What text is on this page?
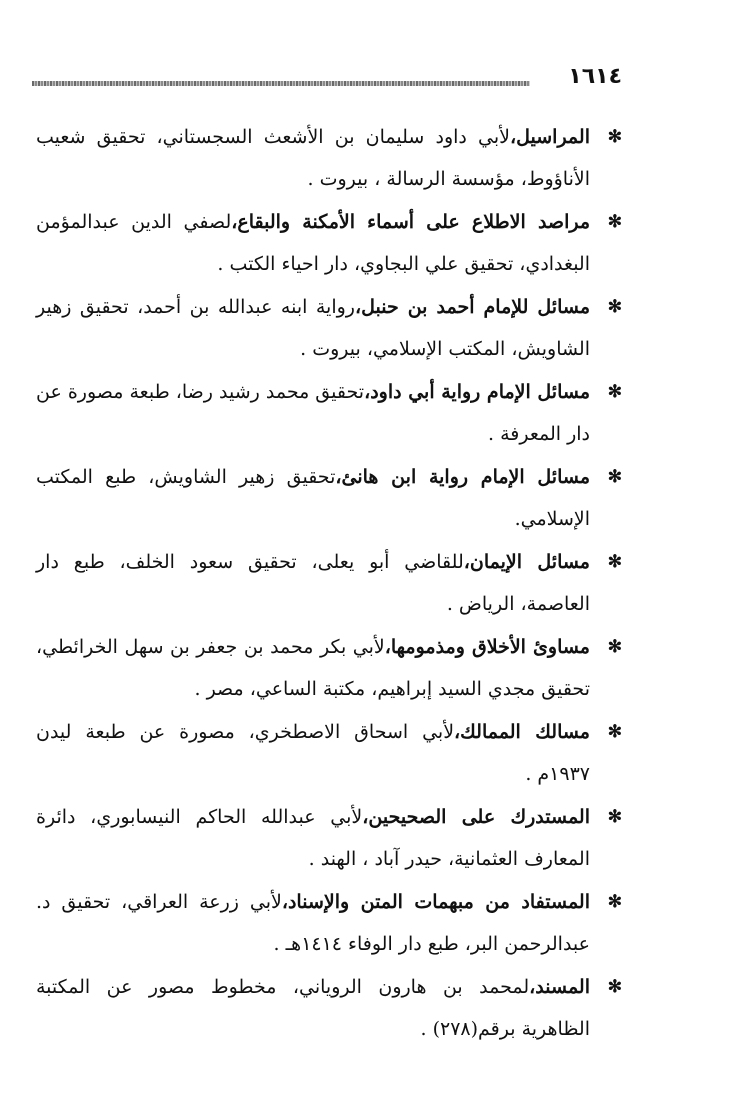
١٦١٤

✻
المراسيل،لأبي داود سليمان بن الأشعث السجستاني، تحقيق شعيب الأناؤوط، مؤسسة الرسالة ، بيروت .

✻
مراصد الاطلاع على أسماء الأمكنة والبقاع،لصفي الدين عبدالمؤمن البغدادي، تحقيق علي البجاوي، دار احياء الكتب .

✻
مسائل للإمام أحمد بن حنبل،رواية ابنه عبدالله بن أحمد، تحقيق زهير الشاويش، المكتب الإسلامي، بيروت .

✻
مسائل الإمام رواية أبي داود،تحقيق محمد رشيد رضا، طبعة مصورة عن دار المعرفة .

✻
مسائل الإمام رواية ابن هانئ،تحقيق زهير الشاويش، طبع المكتب الإسلامي.

✻
مسائل الإيمان،للقاضي أبو يعلى، تحقيق سعود الخلف، طبع دار العاصمة، الرياض .

✻
مساوئ الأخلاق ومذمومها،لأبي بكر محمد بن جعفر بن سهل الخرائطي، تحقيق مجدي السيد إبراهيم، مكتبة الساعي، مصر .

✻
مسالك الممالك،لأبي اسحاق الاصطخري، مصورة عن طبعة ليدن ١٩٣٧م .

✻
المستدرك على الصحيحين،لأبي عبدالله الحاكم النيسابوري، دائرة المعارف العثمانية، حيدر آباد ، الهند .

✻
المستفاد من مبهمات المتن والإسناد،لأبي زرعة العراقي، تحقيق د. عبدالرحمن البر، طبع دار الوفاء ١٤١٤هـ .

✻
المسند،لمحمد بن هارون الروياني، مخطوط مصور عن المكتبة الظاهرية برقم(٢٧٨) .
